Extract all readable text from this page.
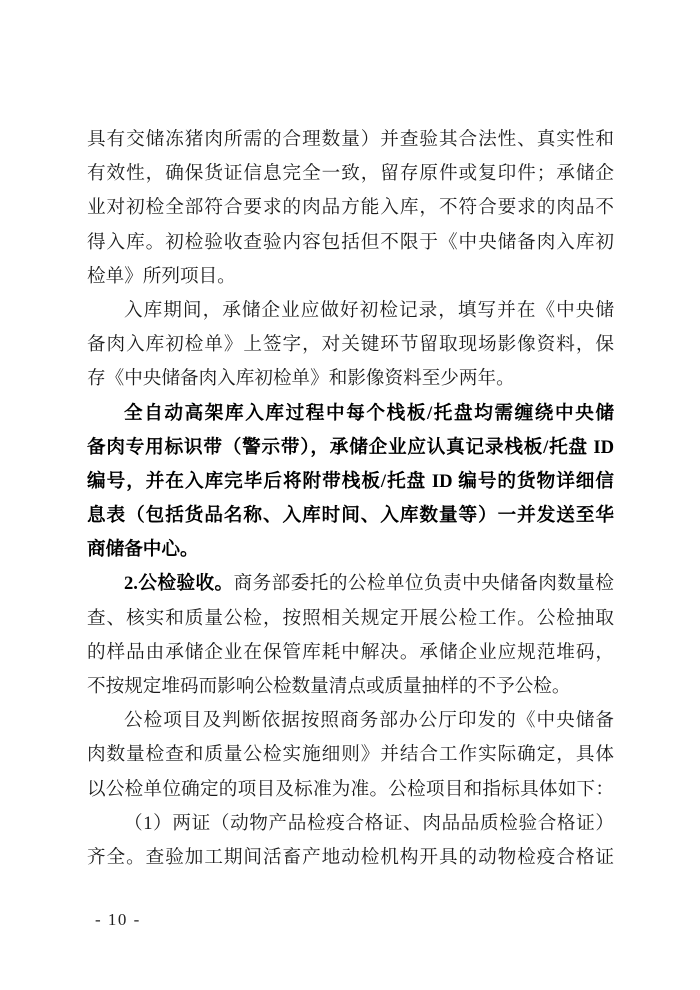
具有交储冻猪肉所需的合理数量）并查验其合法性、真实性和
有效性，确保货证信息完全一致，留存原件或复印件；承储企
业对初检全部符合要求的肉品方能入库，不符合要求的肉品不
得入库。初检验收查验内容包括但不限于《中央储备肉入库初
检单》所列项目。
入库期间，承储企业应做好初检记录，填写并在《中央储
备肉入库初检单》上签字，对关键环节留取现场影像资料，保
存《中央储备肉入库初检单》和影像资料至少两年。
全自动高架库入库过程中每个栈板/托盘均需缠绕中央储
备肉专用标识带（警示带），承储企业应认真记录栈板/托盘 ID
编号，并在入库完毕后将附带栈板/托盘 ID 编号的货物详细信
息表（包括货品名称、入库时间、入库数量等）一并发送至华
商储备中心。
2.公检验收。商务部委托的公检单位负责中央储备肉数量检
查、核实和质量公检，按照相关规定开展公检工作。公检抽取
的样品由承储企业在保管库耗中解决。承储企业应规范堆码，
不按规定堆码而影响公检数量清点或质量抽样的不予公检。
公检项目及判断依据按照商务部办公厅印发的《中央储备
肉数量检查和质量公检实施细则》并结合工作实际确定，具体
以公检单位确定的项目及标准为准。公检项目和指标具体如下：
（1）两证（动物产品检疫合格证、肉品品质检验合格证）
齐全。查验加工期间活畜产地动检机构开具的动物检疫合格证
- 10 -
